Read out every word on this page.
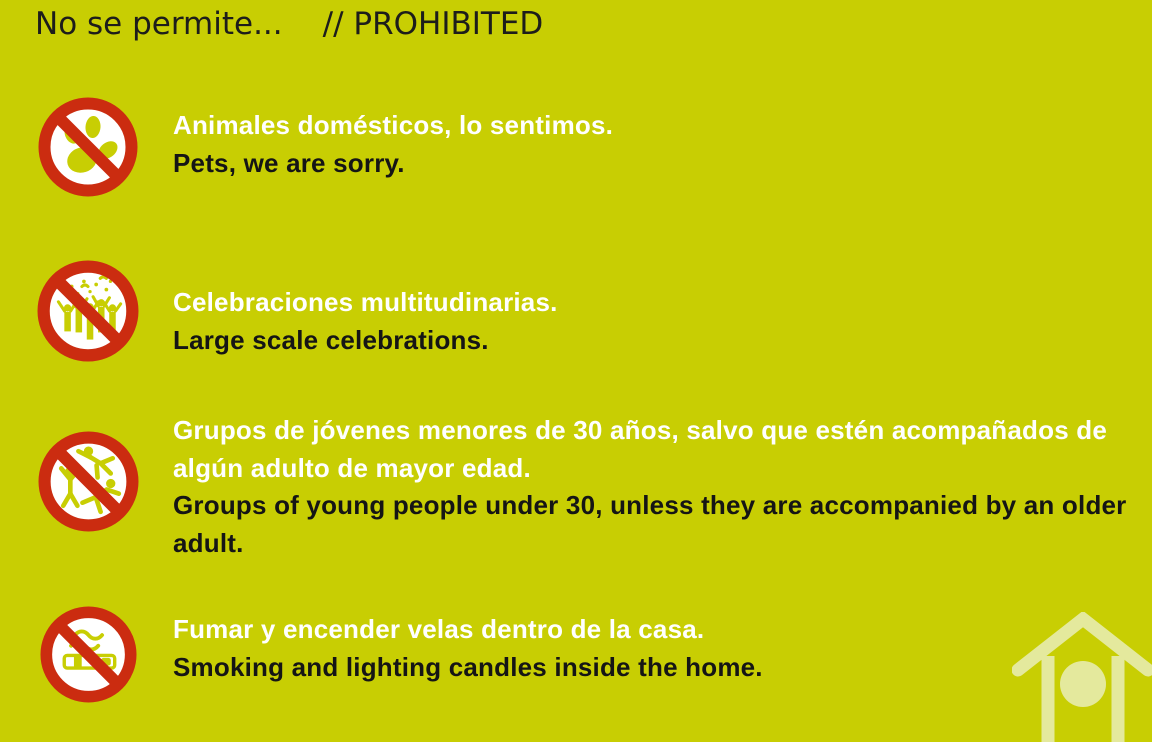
No se permite... // PROHIBITED
Animales domésticos, lo sentimos.
Pets, we are sorry.
Celebraciones multitudinarias.
Large scale celebrations.
Grupos de jóvenes menores de 30 años, salvo que estén acompañados de algún adulto de mayor edad.
Groups of young people under 30, unless they are accompanied by an older adult.
Fumar y encender velas dentro de la casa.
Smoking and lighting candles inside the home.
